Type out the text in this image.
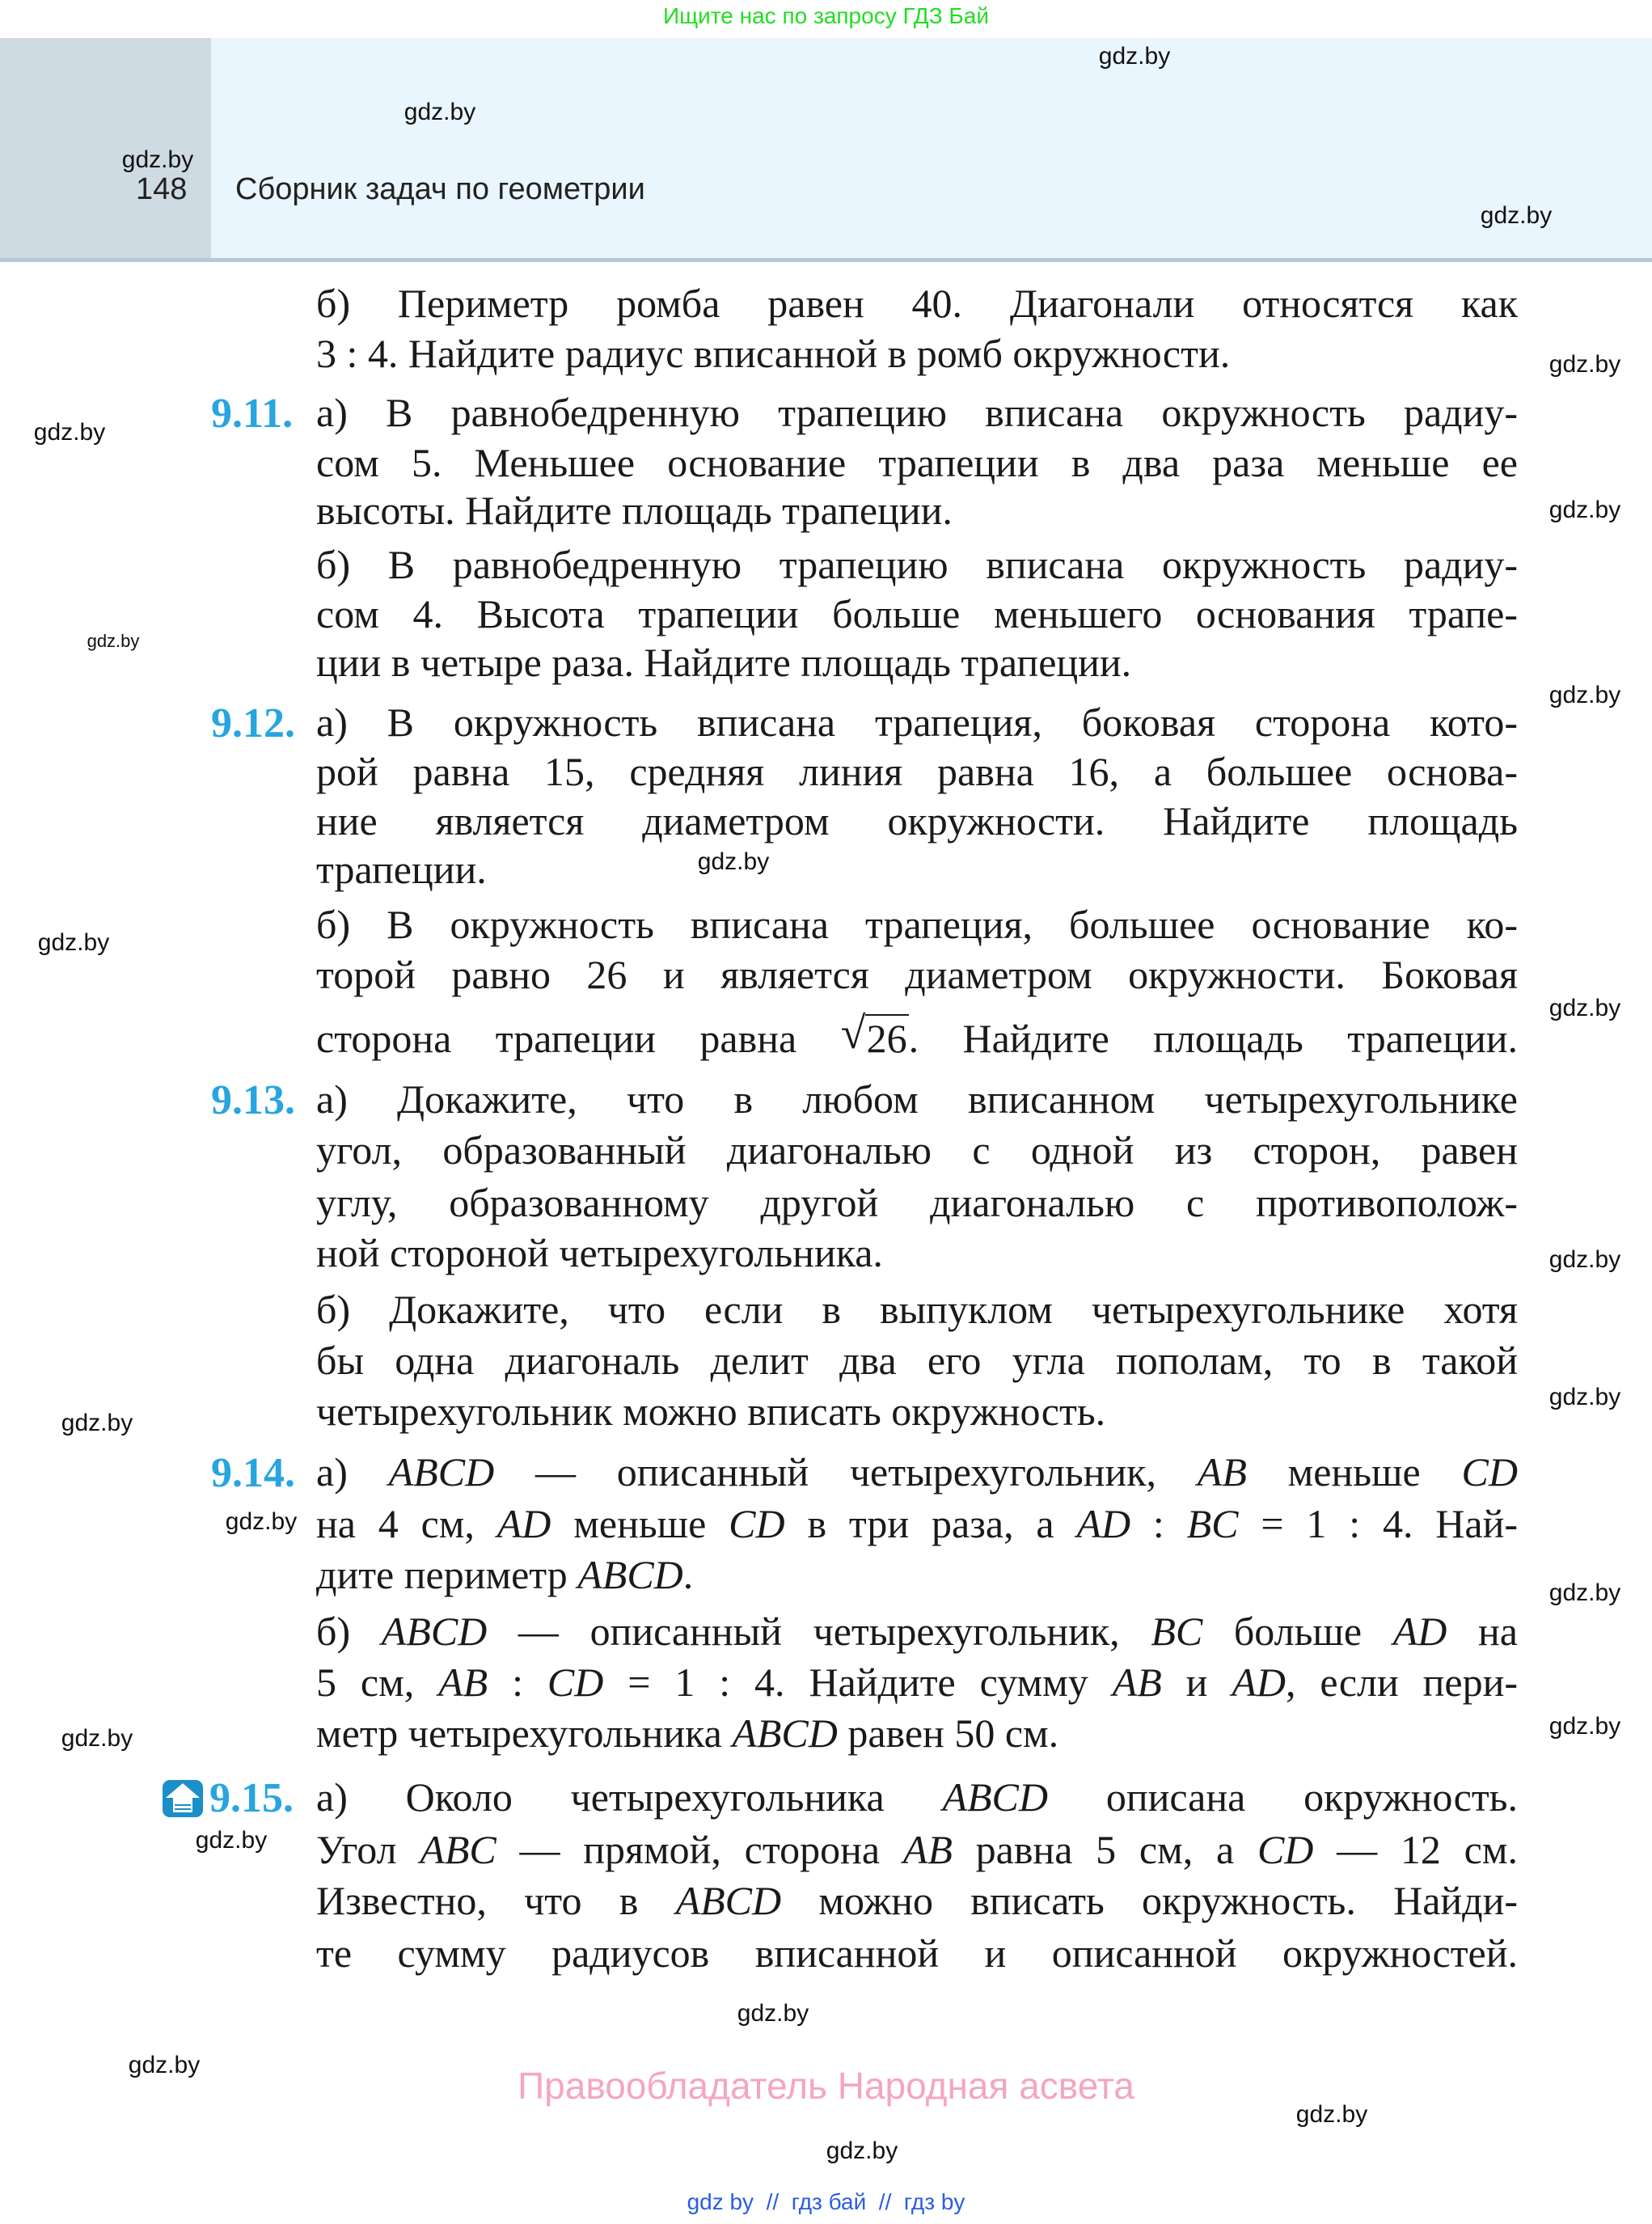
Ищите нас по запросу ГДЗ Бай
148 Сборник задач по геометрии
9.11.
9.12.
9.13.
9.14.
9.15.
б) Периметр ромба равен 40. Диагонали относятся как
3 : 4. Найдите радиус вписанной в ромб окружности.
а) В равнобедренную трапецию вписана окружность радиу-
сом 5. Меньшее основание трапеции в два раза меньше ее
высоты. Найдите площадь трапеции.
б) В равнобедренную трапецию вписана окружность радиу-
сом 4. Высота трапеции больше меньшего основания трапе-
ции в четыре раза. Найдите площадь трапеции.
а) В окружность вписана трапеция, боковая сторона кото-
рой равна 15, средняя линия равна 16, а большее основа-
ние является диаметром окружности. Найдите площадь
трапеции.
б) В окружность вписана трапеция, большее основание ко-
торой равно 26 и является диаметром окружности. Боковая
сторона трапеции равна √ 26. Найдите площадь трапеции.
а) Докажите, что в любом вписанном четырехугольнике
угол, образованный диагональю с одной из сторон, равен
углу, образованному другой диагональю с противополож-
ной стороной четырехугольника.
б) Докажите, что если в выпуклом четырехугольнике хотя
бы одна диагональ делит два его угла пополам, то в такой
четырехугольник можно вписать окружность.
а) ABCD — описанный четырехугольник, AB меньше CD
на 4 см, AD меньше CD в три раза, а AD : BC = 1 : 4. Най-
дите периметр ABCD.
б) ABCD — описанный четырехугольник, BC больше AD на
5 см, AB : CD = 1 : 4. Найдите сумму AB и AD, если пери-
метр четырехугольника ABCD равен 50 см.
а) Около четырехугольника ABCD описана окружность.
Угол ABC — прямой, сторона AB равна 5 см, а CD — 12 см.
Известно, что в ABCD можно вписать окружность. Найди-
те сумму радиусов вписанной и описанной окружностей.
gdz.by
gdz.by
gdz.by
gdz.by
gdz.by
gdz.by
gdz.by
gdz.by
gdz.by
gdz.by
gdz.by
gdz.by
gdz.by
gdz.by
gdz.by
gdz.by
gdz.by
gdz.by
gdz.by
gdz.by
gdz.by
gdz.by
gdz.by
gdz.by
Правообладатель Народная асвета
gdz by  //  гдз бай  //  гдз by
